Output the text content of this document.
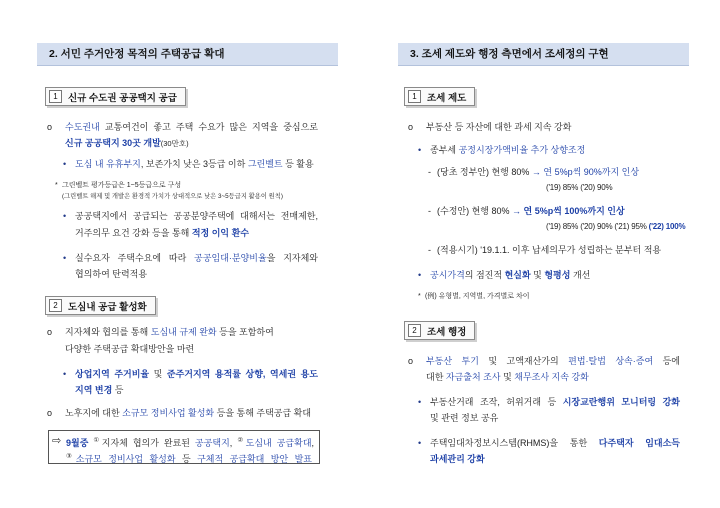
2. 서민 주거안정 목적의 주택공급 확대
1	신규 수도권 공공택지 공급
o 수도권내 교통여건이 좋고 주택 수요가 많은 지역을 중심으로
신규 공공택지 30곳 개발(30만호)
• 도심 내 유휴부지, 보존가치 낮은 3등급 이하 그린벨트 등 활용
* 그린벨트 평가등급은 1~5등급으로 구성
(그린벨트 해제 및 개발은 환경적 가치가 상대적으로 낮은 3~5등급지 활용이 원칙)
• 공공택지에서 공급되는 공공분양주택에 대해서는 전매제한,
거주의무 요건 강화 등을 통해 적정 이익 환수
• 실수요자 주택수요에 따라 공공임대·분양비율을 지자체와
협의하여 탄력적용
2	도심내 공급 활성화
o 지자체와 협의를 통해 도심내 규제 완화 등을 포함하여
다양한 주택공급 확대방안을 마련
• 상업지역 주거비율 및 준주거지역 용적률 상향, 역세권 용도
지역 변경 등
o 노후지에 대한 소규모 정비사업 활성화 등을 통해 주택공급 확대
⇨ 9월중 ①지자체 협의가 완료된 공공택지, ②도심내 공급확대,
③소규모 정비사업 활성화 등 구체적 공급확대 방안 발표
3. 조세 제도와 행정 측면에서 조세정의 구현
1	조세 제도
o 부동산 등 자산에 대한 과세 지속 강화
• 종부세 공정시장가액비율 추가 상향조정
- (당초 정부안) 현행 80% → 연 5%p씩 90%까지 인상
('19) 85% ('20) 90%
- (수정안) 현행 80% → 연 5%p씩 100%까지 인상
('19) 85% ('20) 90% ('21) 95% ('22) 100%
- (적용시기) '19.1.1. 이후 납세의무가 성립하는 분부터 적용
• 공시가격의 점진적 현실화 및 형평성 개선
* (例) 유형별, 지역별, 가격별로 차이
2	조세 행정
o 부동산 투기 및 고액재산가의 편법·탈법 상속·증여 등에
대한 자금출처 조사 및 채무조사 지속 강화
• 부동산거래 조작, 허위거래 등 시장교란행위 모니터링 강화
및 관련 정보 공유
• 주택임대차정보시스템(RHMS)을 통한 다주택자 임대소득
과세관리 강화
